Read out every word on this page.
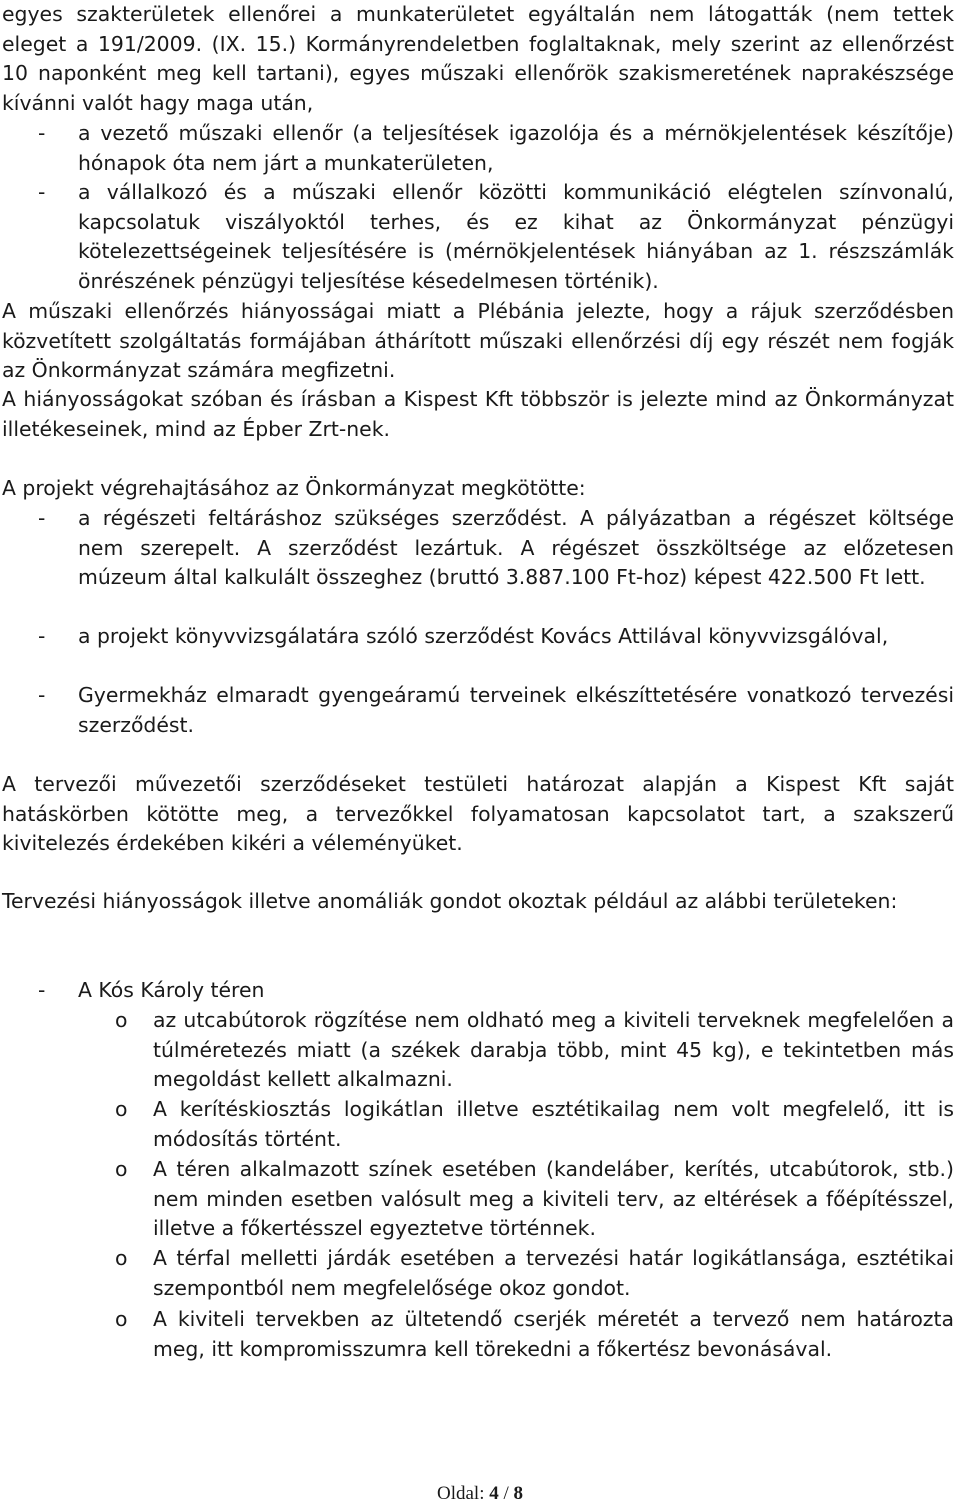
egyes szakterületek ellenőrei a munkaterületet egyáltalán nem látogatták (nem tettek eleget a 191/2009. (IX. 15.) Kormányrendeletben foglaltaknak, mely szerint az ellenőrzést 10 naponként meg kell tartani), egyes műszaki ellenőrök szakismeretének naprakészsége kívánni valót hagy maga után,

- a vezető műszaki ellenőr (a teljesítések igazolója és a mérnökjelentések készítője) hónapok óta nem járt a munkaterületen,

- a vállalkozó és a műszaki ellenőr közötti kommunikáció elégtelen színvonalú, kapcsolatuk viszályoktól terhes, és ez kihat az Önkormányzat pénzügyi kötelezettségeinek teljesítésére is (mérnökjelentések hiányában az 1. részszámlák önrészének pénzügyi teljesítése késedelmesen történik).

A műszaki ellenőrzés hiányosságai miatt a Plébánia jelezte, hogy a rájuk szerződésben közvetített szolgáltatás formájában áthárított műszaki ellenőrzési díj egy részét nem fogják az Önkormányzat számára megfizetni.

A hiányosságokat szóban és írásban a Kispest Kft többször is jelezte mind az Önkormányzat illetékeseinek, mind az Épber Zrt-nek.

A projekt végrehajtásához az Önkormányzat megkötötte:

- a régészeti feltáráshoz szükséges szerződést. A pályázatban a régészet költsége nem szerepelt. A szerződést lezártuk. A régészet összköltsége az előzetesen múzeum által kalkulált összeghez (bruttó 3.887.100 Ft-hoz) képest 422.500 Ft lett.

- a projekt könyvvizsgálatára szóló szerződést Kovács Attilával könyvvizsgálóval,

- Gyermekház elmaradt gyengeáramú terveinek elkészíttetésére vonatkozó tervezési szerződést.

A tervezői művezetői szerződéseket testületi határozat alapján a Kispest Kft saját hatáskörben kötötte meg, a tervezőkkel folyamatosan kapcsolatot tart, a szakszerű kivitelezés érdekében kikéri a véleményüket.

Tervezési hiányosságok illetve anomáliák gondot okoztak például az alábbi területeken:

- A Kós Károly téren

o az utcabútorok rögzítése nem oldható meg a kiviteli terveknek megfelelően a túlméretezés miatt (a székek darabja több, mint 45 kg), e tekintetben más megoldást kellett alkalmazni.

o A kerítéskiosztás logikátlan illetve esztétikailag nem volt megfelelő, itt is módosítás történt.

o A téren alkalmazott színek esetében (kandeláber, kerítés, utcabútorok, stb.) nem minden esetben valósult meg a kiviteli terv, az eltérések a főépítésszel, illetve a főkertésszel egyeztetve történnek.

o A térfal melletti járdák esetében a tervezési határ logikátlansága, esztétikai szempontból nem megfelelősége okoz gondot.

o A kiviteli tervekben az ültetendő cserjék méretét a tervező nem határozta meg, itt kompromisszumra kell törekedni a főkertész bevonásával.

Oldal: 4 / 8
